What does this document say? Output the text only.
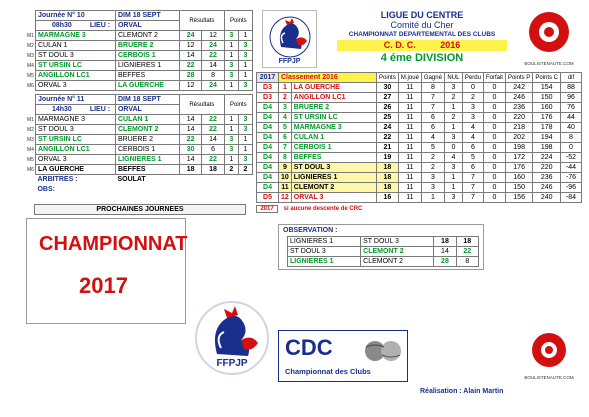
	Journée N° 10	DIM 18 SEPT	Résultats		Points	
	08h30 LIEU :	ORVAL				
M1	MARMAGNE 3	CLEMONT 2	24	12	3	1
M2	CULAN 1	BRUERE 2	12	24	1	3
M3	ST DOUL 3	CERBOIS 1	14	22	1	3
M4	ST URSIN LC	LIGNIERES 1	22	14	3	1
M5	ANGILLON LC1	BEFFES	28	8	3	1
M6	ORVAL 3	LA GUERCHE	12	24	1	3
	Journée N° 11	DIM 18 SEPT	Résultats		Points	
	14h30 LIEU :	ORVAL				
M1	MARMAGNE 3	CULAN 1	14	22	1	3
M2	ST DOUL 3	CLEMONT 2	14	22	1	3
M3	ST URSIN LC	BRUERE 2	22	14	3	1
M4	ANGILLON LC1	CERBOIS 1	30	6	3	1
M5	ORVAL 3	LIGNIERES 1	14	22	1	3
M6	LA GUERCHE	BEFFES	18	18	2	2
	ARBITRES :	SOULAT				
	OBS:					
PROCHAINES JOURNEES
CHAMPIONNAT
2017
FFPJP
LIGUE DU CENTRE
Comité du Cher
CHAMPIONNAT DEPARTEMENTAL DES CLUBS
C. D. C.	2016
4 éme DIVISION	BOULISTENAUTE.COM
2017	Classement 2016		Points	M.joué	Gagné	NUL	Perdu	Forfait	Points P	Points C	dif
D3	1	LA GUERCHE	30	11	8	3	0	0	242	154	88
D3	2	ANGILLON LC1	27	11	7	2	2	0	246	150	96
D4	3	BRUERE 2	26	11	7	1	3	0	236	160	76
D4	4	ST URSIN LC	25	11	6	2	3	0	220	176	44
D4	5	MARMAGNE 3	24	11	6	1	4	0	218	178	40
D4	6	CULAN 1	22	11	4	3	4	0	202	194	8
D4	7	CERBOIS 1	21	11	5	0	6	0	198	198	0
D4	8	BEFFES	19	11	2	4	5	0	172	224	-52
D4	9	ST DOUL 3	18	11	2	3	6	0	176	220	-44
D4	10	LIGNIERES 1	18	11	3	1	7	0	160	236	-76
D4	11	CLEMONT 2	18	11	3	1	7	0	150	246	-96
D5	12	ORVAL 3	16	11	1	3	7	0	156	240	-84
2017 si aucune descente de CRC
OBSERVATION :
LIGNIERES 1	ST DOUL 3	18	18
ST DOUL 3	CLEMONT 2	14	22
LIGNIERES 1	CLEMONT 2	28	8
FFPJP
CDC
Championnat des Clubs
BOULISTENAUTE.COM
Réalisation : Alain Martin
